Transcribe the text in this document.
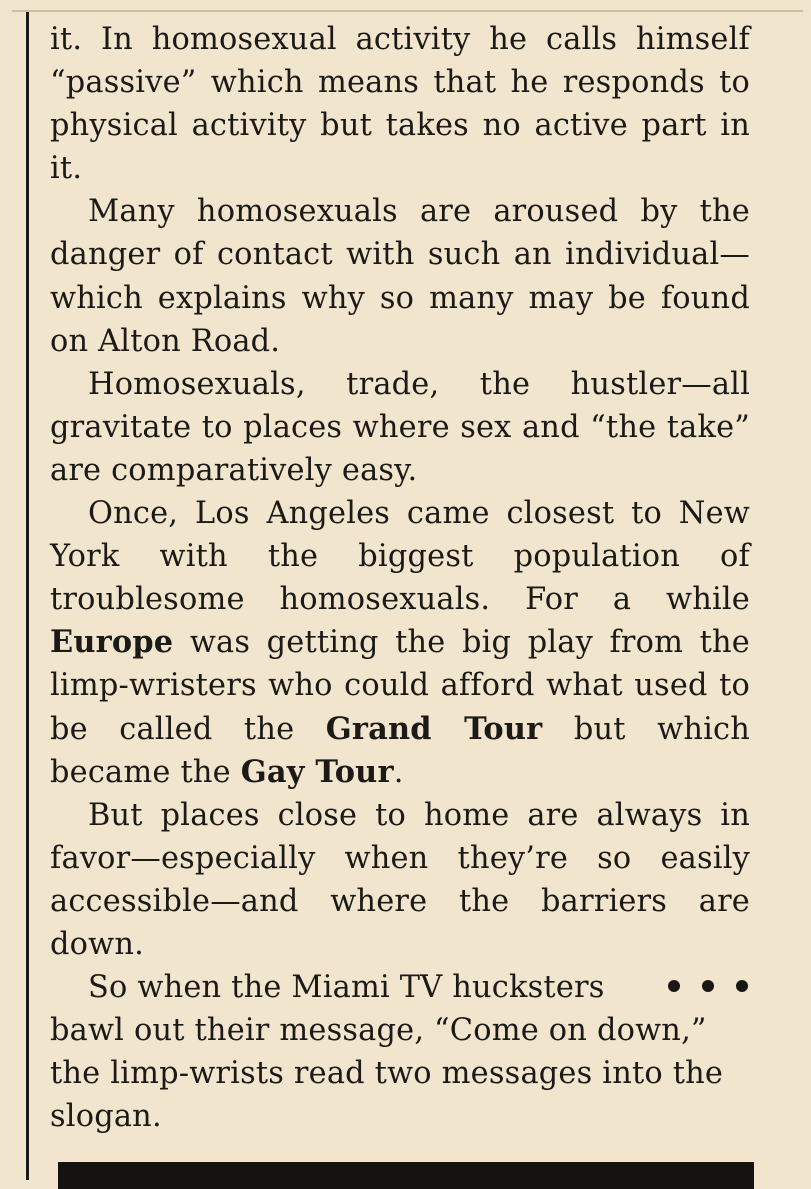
it. In homosexual activity he calls himself “passive” which means that he responds to physical activity but takes no active part in it.

Many homosexuals are aroused by the danger of contact with such an individual—which explains why so many may be found on Alton Road.

Homosexuals, trade, the hustler—all gravitate to places where sex and “the take” are comparatively easy.

Once, Los Angeles came closest to New York with the biggest population of troublesome homosexuals. For a while Europe was getting the big play from the limp-wristers who could afford what used to be called the Grand Tour but which became the Gay Tour.

But places close to home are always in favor—especially when they’re so easily accessible—and where the barriers are down.

So when the Miami TV hucksters bawl out their message, “Come on down,” the limp-wrists read two messages into the slogan.
